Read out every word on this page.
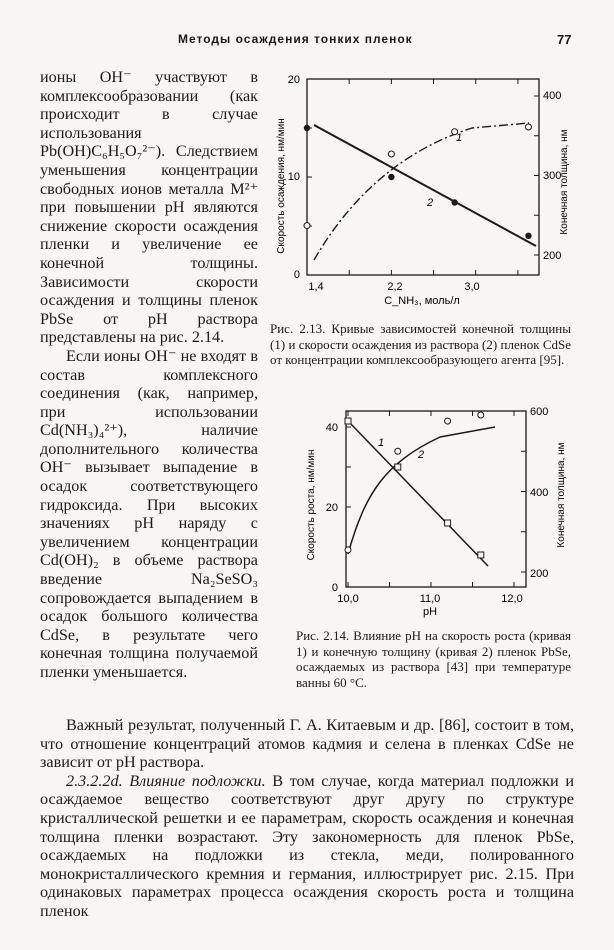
Методы осаждения тонких пленок	77

ионы OH⁻ участвуют в комплексообразовании (как происходит в случае использования Pb(OH)C₆H₅O₇²⁻). Следствием уменьшения концентрации свободных ионов металла M²⁺ при повышении pH являются снижение скорости осаждения пленки и увеличение ее конечной толщины. Зависимости скорости осаждения и толщины пленок PbSe от pH раствора представлены на рис. 2.14.

Если ионы OH⁻ не входят в состав комплексного соединения (как, например, при использовании Cd(NH₃)₄²⁺), наличие дополнительного количества OH⁻ вызывает выпадение в осадок соответствующего гидроксида. При высоких значениях pH наряду с увеличением концентрации Cd(OH)₂ в объеме раствора введение Na₂SeSO₃ сопровождается выпадением в осадок большого количества CdSe, в результате чего конечная толщина получаемой пленки уменьшается.

20
10
0
400
300
200
1,4	2,2	3,0
C_NH₃, моль/л
Скорость осаждения, нм/мин	Конечная толщина, нм
1
2
Рис. 2.13. Кривые зависимостей конечной толщины (1) и скорости осаждения из раствора (2) пленок CdSe от концентрации комплексообразующего агента [95].
40
20
0
600
400
200
10,0	11,0	12,0
pH
Скорость роста, нм/мин	Конечная толщина, нм
1
2
Рис. 2.14. Влияние pH на скорость роста (кривая 1) и конечную толщину (кривая 2) пленок PbSe, осаждаемых из раствора [43] при температуре ванны 60 °C.

Важный результат, полученный Г. А. Китаевым и др. [86], состоит в том, что отношение концентраций атомов кадмия и селена в пленках CdSe не зависит от pH раствора.

2.3.2.2d. Влияние подложки. В том случае, когда материал подложки и осаждаемое вещество соответствуют друг другу по структуре кристаллической решетки и ее параметрам, скорость осаждения и конечная толщина пленки возрастают. Эту закономерность для пленок PbSe, осаждаемых на подложки из стекла, меди, полированного монокристаллического кремния и германия, иллюстрирует рис. 2.15. При одинаковых параметрах процесса осаждения скорость роста и толщина пленок
